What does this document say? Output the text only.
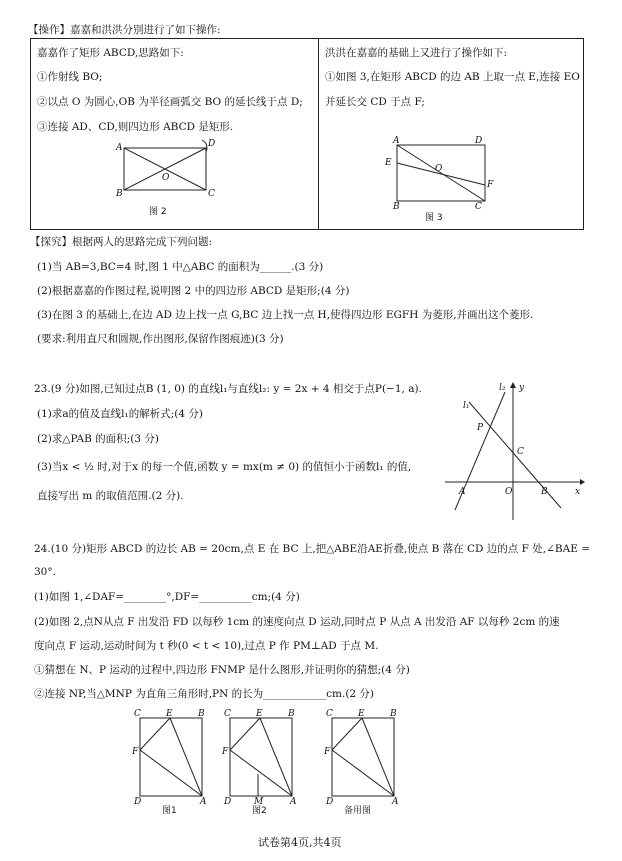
【操作】嘉嘉和洪洪分别进行了如下操作:
嘉嘉作了矩形 ABCD,思路如下:
①作射线 BO;
②以点 O 为圆心,OB 为半径画弧交 BO 的延长线于点 D;
③连接 AD、CD,则四边形 ABCD 是矩形.
A
B	C
D
O
图 2
洪洪在嘉嘉的基础上又进行了操作如下:
①如图 3,在矩形 ABCD 的边 AB 上取一点 E,连接 EO
并延长交 CD 于点 F;
A
B	C
D
E
O
F
图 3
【探究】根据两人的思路完成下列问题:
(1)当 AB=3,BC=4 时,图 1 中△ABC 的面积为______.(3 分)
(2)根据嘉嘉的作图过程,说明图 2 中的四边形 ABCD 是矩形;(4 分)
(3)在图 3 的基础上,在边 AD 边上找一点 G,BC 边上找一点 H,使得四边形 EGFH 为菱形,并画出这个菱形.
(要求:利用直尺和圆规,作出图形,保留作图痕迹)(3 分)
23.(9 分)如图,已知过点B (1, 0) 的直线l₁与直线l₂: y = 2x + 4 相交于点P(−1, a).
(1)求a的值及直线l₁的解析式;(4 分)
(2)求△PAB 的面积;(3 分)
(3)当x < ½ 时,对于x 的每一个值,函数 y = mx(m ≠ 0) 的值恒小于函数l₁ 的值,
直接写出 m 的取值范围.(2 分).
y
x
l₁
l₂
P
C
A	O	B
24.(10 分)矩形 ABCD 的边长 AB = 20cm,点 E 在 BC 上,把△ABE沿AE折叠,使点 B 落在 CD 边的点 F 处,∠BAE =
30°.
(1)如图 1,∠DAF=________°,DF=__________cm;(4 分)
(2)如图 2,点N从点 F 出发沿 FD 以每秒 1cm 的速度向点 D 运动,同时点 P 从点 A 出发沿 AF 以每秒 2cm 的速
度向点 F 运动,运动时间为 t 秒(0 < t < 10),过点 P 作 PM⊥AD 于点 M.
①猜想在 N、P 运动的过程中,四边形 FNMP 是什么图形,并证明你的猜想;(4 分)
②连接 NP,当△MNP 为直角三角形时,PN 的长为____________cm.(2 分)
C	E	B
F
D	A
图1
C	E	B
F
D	M	A
图2
C	E	B
F
D	A
备用图
试卷第4页,共4页
